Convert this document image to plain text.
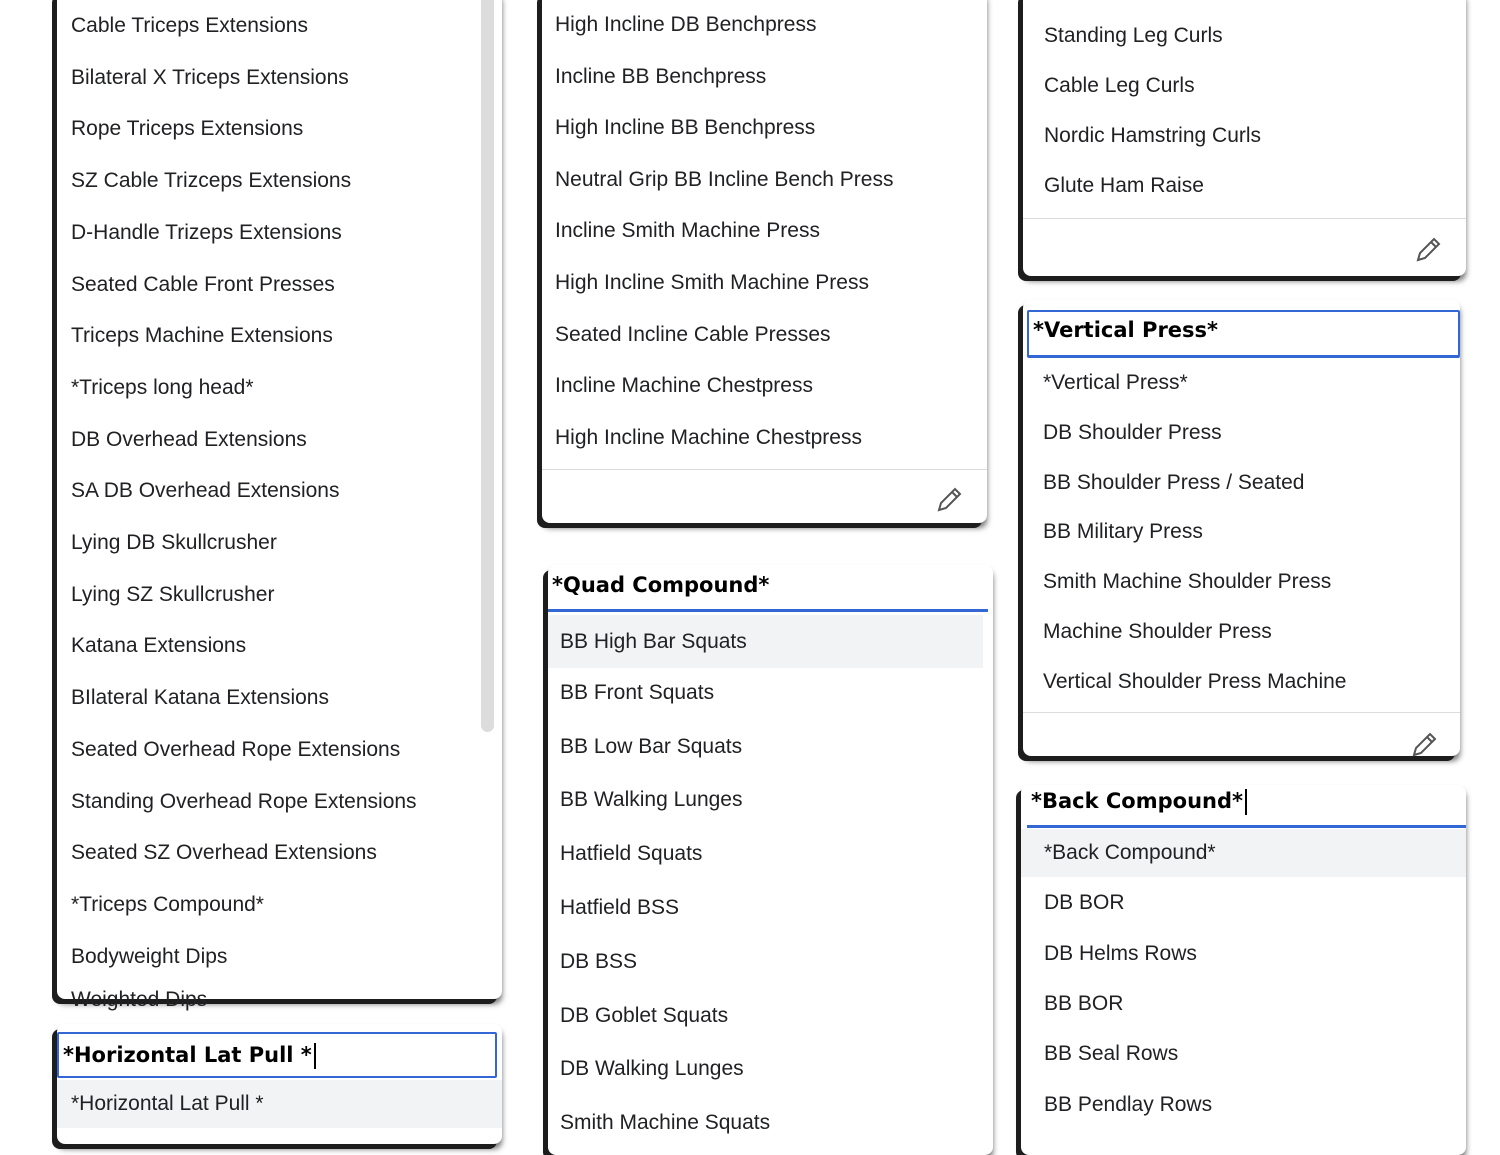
Weighted Dips
Cable Triceps Extensions
Bilateral X Triceps Extensions
Rope Triceps Extensions
SZ Cable Trizceps Extensions
D-Handle Trizeps Extensions
Seated Cable Front Presses
Triceps Machine Extensions
*Triceps long head*
DB Overhead Extensions
SA DB Overhead Extensions
Lying DB Skullcrusher
Lying SZ Skullcrusher
Katana Extensions
BIlateral Katana Extensions
Seated Overhead Rope Extensions
Standing Overhead Rope Extensions
Seated SZ Overhead Extensions
*Triceps Compound*
Bodyweight Dips
*Horizontal Lat Pull *
*Horizontal Lat Pull *
High Incline DB Benchpress
Incline BB Benchpress
High Incline BB Benchpress
Neutral Grip BB Incline Bench Press
Incline Smith Machine Press
High Incline Smith Machine Press
Seated Incline Cable Presses
Incline Machine Chestpress
High Incline Machine Chestpress
*Quad Compound*
BB High Bar Squats
BB Front Squats
BB Low Bar Squats
BB Walking Lunges
Hatfield Squats
Hatfield BSS
DB BSS
DB Goblet Squats
DB Walking Lunges
Smith Machine Squats
Standing Leg Curls
Cable Leg Curls
Nordic Hamstring Curls
Glute Ham Raise
*Vertical Press*
*Vertical Press*
DB Shoulder Press
BB Shoulder Press / Seated
BB Military Press
Smith Machine Shoulder Press
Machine Shoulder Press
Vertical Shoulder Press Machine
*Back Compound*
*Back Compound*
DB BOR
DB Helms Rows
BB BOR
BB Seal Rows
BB Pendlay Rows
